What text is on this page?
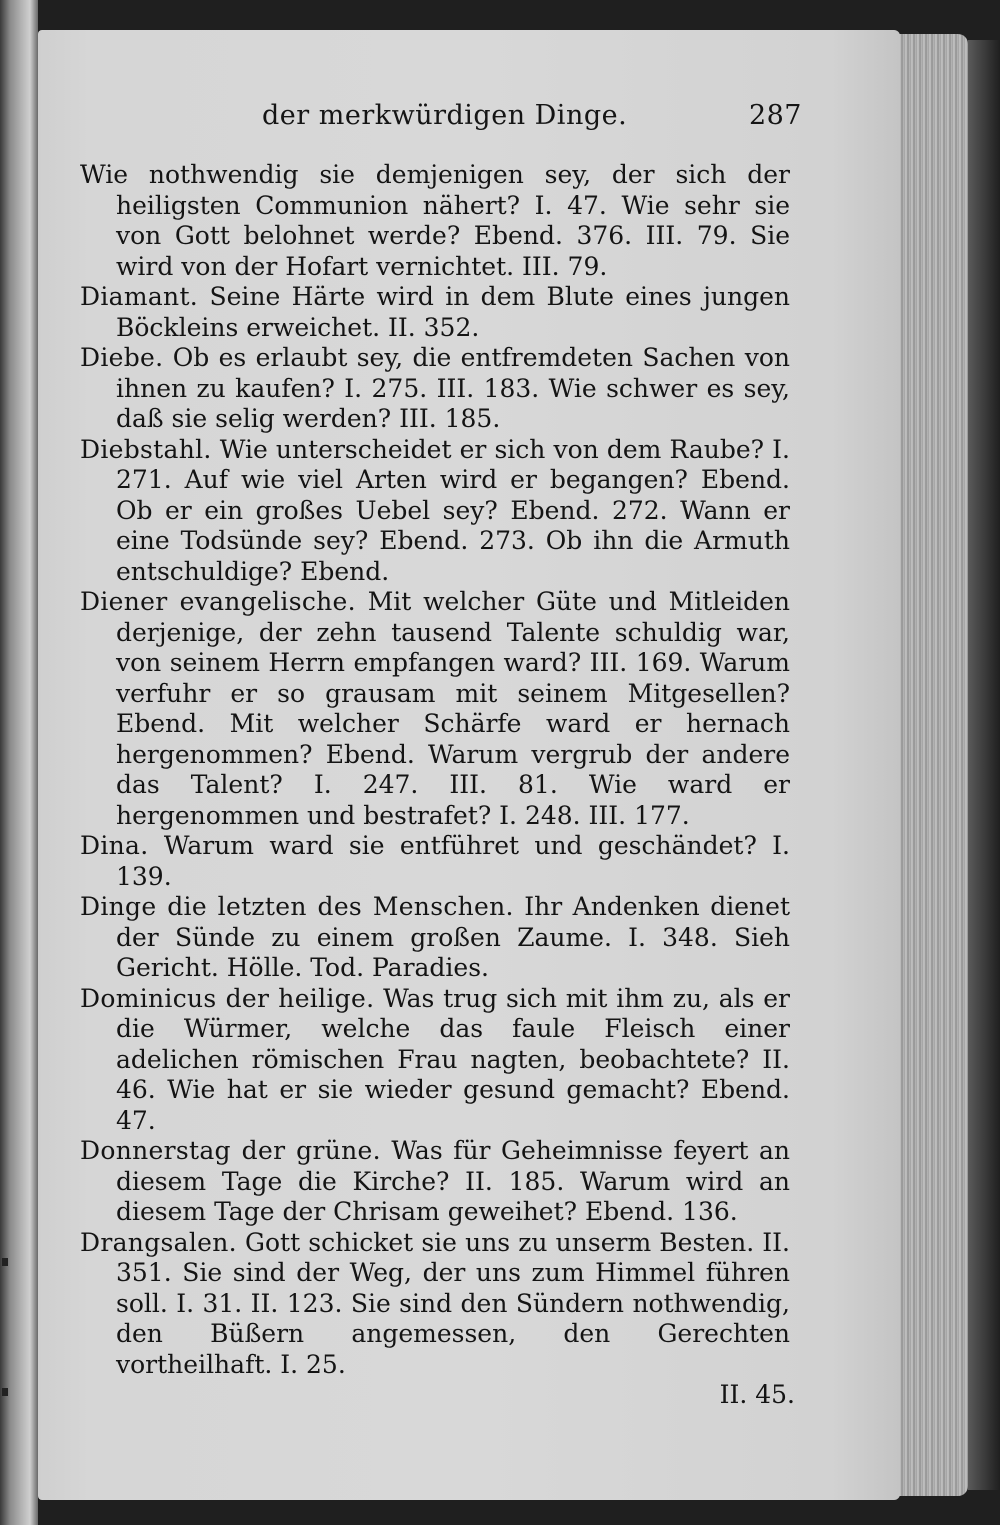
der merkwürdigen Dinge.	287

Wie nothwendig sie demjenigen sey, der sich der heiligsten Communion nähert? I. 47. Wie sehr sie von Gott belohnet werde? Ebend. 376. III. 79. Sie wird von der Hofart vernichtet. III. 79.

Diamant. Seine Härte wird in dem Blute eines jungen Böckleins erweichet. II. 352.

Diebe. Ob es erlaubt sey, die entfremdeten Sachen von ihnen zu kaufen? I. 275. III. 183. Wie schwer es sey, daß sie selig werden? III. 185.

Diebstahl. Wie unterscheidet er sich von dem Raube? I. 271. Auf wie viel Arten wird er begangen? Ebend. Ob er ein großes Uebel sey? Ebend. 272. Wann er eine Todsünde sey? Ebend. 273. Ob ihn die Armuth entschuldige? Ebend.

Diener evangelische. Mit welcher Güte und Mitleiden derjenige, der zehn tausend Talente schuldig war, von seinem Herrn empfangen ward? III. 169. Warum verfuhr er so grausam mit seinem Mitgesellen? Ebend. Mit welcher Schärfe ward er hernach hergenommen? Ebend. Warum vergrub der andere das Talent? I. 247. III. 81. Wie ward er hergenommen und bestrafet? I. 248. III. 177.

Dina. Warum ward sie entführet und geschändet? I. 139.

Dinge die letzten des Menschen. Ihr Andenken dienet der Sünde zu einem großen Zaume. I. 348. Sieh Gericht. Hölle. Tod. Paradies.

Dominicus der heilige. Was trug sich mit ihm zu, als er die Würmer, welche das faule Fleisch einer adelichen römischen Frau nagten, beobachtete? II. 46. Wie hat er sie wieder gesund gemacht? Ebend. 47.

Donnerstag der grüne. Was für Geheimnisse feyert an diesem Tage die Kirche? II. 185. Warum wird an diesem Tage der Chrisam geweihet? Ebend. 136.

Drangsalen. Gott schicket sie uns zu unserm Besten. II. 351. Sie sind der Weg, der uns zum Himmel führen soll. I. 31. II. 123. Sie sind den Sündern nothwendig, den Büßern angemessen, den Gerechten vortheilhaft. I. 25.

II. 45.
